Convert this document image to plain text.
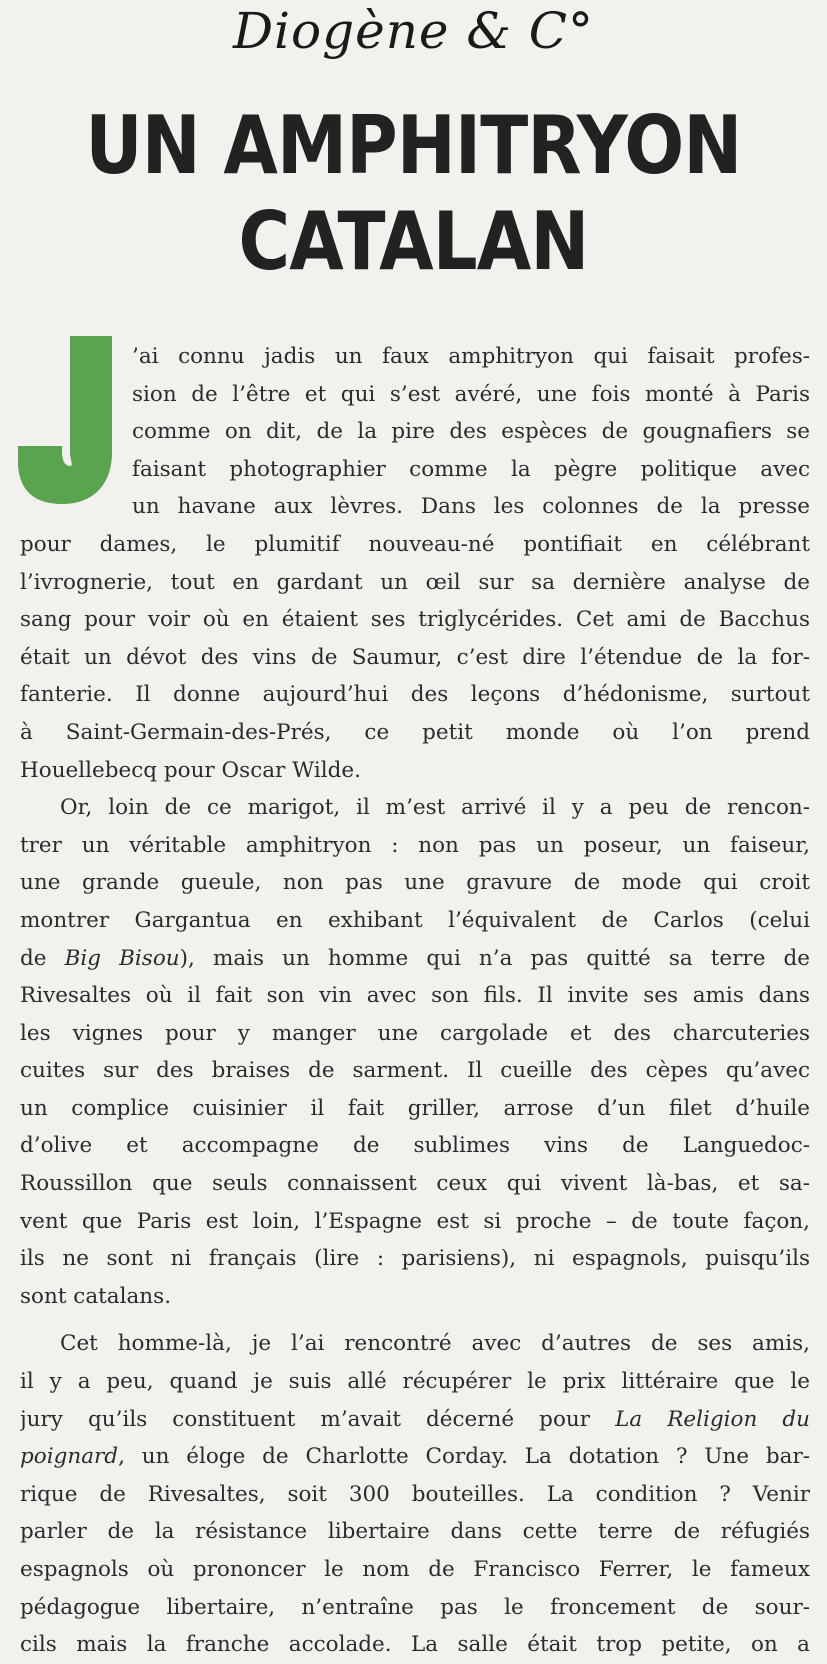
Diogène & C°
UN AMPHITRYON
CATALAN
’ai connu jadis un faux amphitryon qui faisait profes-
sion de l’être et qui s’est avéré, une fois monté à Paris
comme on dit, de la pire des espèces de gougnafiers se
faisant photographier comme la pègre politique avec
un havane aux lèvres. Dans les colonnes de la presse
pour dames, le plumitif nouveau-né pontifiait en célébrant
l’ivrognerie, tout en gardant un œil sur sa dernière analyse de
sang pour voir où en étaient ses triglycérides. Cet ami de Bacchus
était un dévot des vins de Saumur, c’est dire l’étendue de la for-
fanterie. Il donne aujourd’hui des leçons d’hédonisme, surtout
à Saint-Germain-des-Prés, ce petit monde où l’on prend
Houellebecq pour Oscar Wilde.
Or, loin de ce marigot, il m’est arrivé il y a peu de rencon-
trer un véritable amphitryon : non pas un poseur, un faiseur,
une grande gueule, non pas une gravure de mode qui croit
montrer Gargantua en exhibant l’équivalent de Carlos (celui
de Big Bisou), mais un homme qui n’a pas quitté sa terre de
Rivesaltes où il fait son vin avec son fils. Il invite ses amis dans
les vignes pour y manger une cargolade et des charcuteries
cuites sur des braises de sarment. Il cueille des cèpes qu’avec
un complice cuisinier il fait griller, arrose d’un filet d’huile
d’olive et accompagne de sublimes vins de Languedoc-
Roussillon que seuls connaissent ceux qui vivent là-bas, et sa-
vent que Paris est loin, l’Espagne est si proche – de toute façon,
ils ne sont ni français (lire : parisiens), ni espagnols, puisqu’ils
sont catalans.
Cet homme-là, je l’ai rencontré avec d’autres de ses amis,
il y a peu, quand je suis allé récupérer le prix littéraire que le
jury qu’ils constituent m’avait décerné pour La Religion du
poignard, un éloge de Charlotte Corday. La dotation ? Une bar-
rique de Rivesaltes, soit 300 bouteilles. La condition ? Venir
parler de la résistance libertaire dans cette terre de réfugiés
espagnols où prononcer le nom de Francisco Ferrer, le fameux
pédagogue libertaire, n’entraîne pas le froncement de sour-
cils mais la franche accolade. La salle était trop petite, on a
